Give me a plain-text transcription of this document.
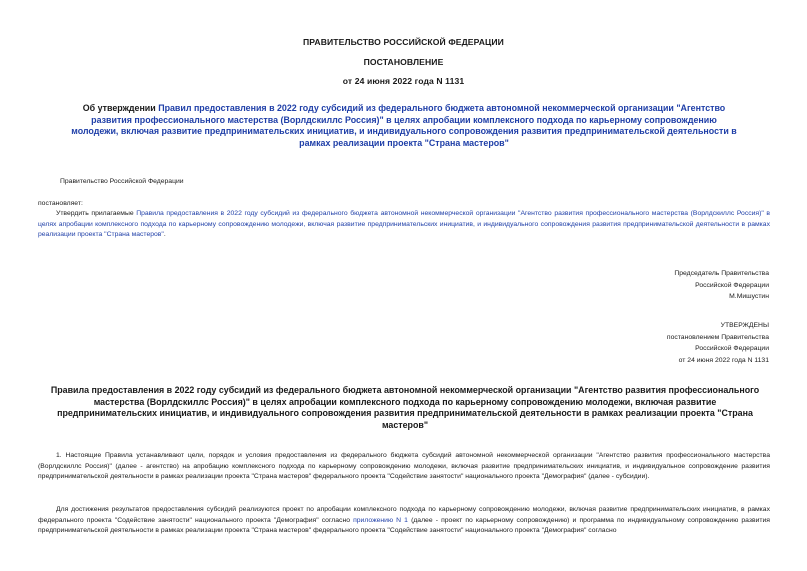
ПРАВИТЕЛЬСТВО РОССИЙСКОЙ ФЕДЕРАЦИИ
ПОСТАНОВЛЕНИЕ
от 24 июня 2022 года N 1131
Об утверждении Правил предоставления в 2022 году субсидий из федерального бюджета автономной некоммерческой организации "Агентство развития профессионального мастерства (Ворлдскиллс Россия)" в целях апробации комплексного подхода по карьерному сопровождению молодежи, включая развитие предпринимательских инициатив, и индивидуального сопровождения развития предпринимательской деятельности в рамках реализации проекта "Страна мастеров"
Правительство Российской Федерации
постановляет:
Утвердить прилагаемые Правила предоставления в 2022 году субсидий из федерального бюджета автономной некоммерческой организации "Агентство развития профессионального мастерства (Ворлдскиллс Россия)" в целях апробации комплексного подхода по карьерному сопровождению молодежи, включая развитие предпринимательских инициатив, и индивидуального сопровождения развития предпринимательской деятельности в рамках реализации проекта "Страна мастеров".
Председатель Правительства
Российской Федерации
М.Мишустин
УТВЕРЖДЕНЫ
постановлением Правительства
Российской Федерации
от 24 июня 2022 года N 1131
Правила предоставления в 2022 году субсидий из федерального бюджета автономной некоммерческой организации "Агентство развития профессионального мастерства (Ворлдскиллс Россия)" в целях апробации комплексного подхода по карьерному сопровождению молодежи, включая развитие предпринимательских инициатив, и индивидуального сопровождения развития предпринимательской деятельности в рамках реализации проекта "Страна мастеров"
1. Настоящие Правила устанавливают цели, порядок и условия предоставления из федерального бюджета субсидий автономной некоммерческой организации "Агентство развития профессионального мастерства (Ворлдскиллс Россия)" (далее - агентство) на апробацию комплексного подхода по карьерному сопровождению молодежи, включая развитие предпринимательских инициатив, и индивидуальное сопровождение развития предпринимательской деятельности в рамках реализации проекта "Страна мастеров" федерального проекта "Содействие занятости" национального проекта "Демография" (далее - субсидии).
Для достижения результатов предоставления субсидий реализуются проект по апробации комплексного подхода по карьерному сопровождению молодежи, включая развитие предпринимательских инициатив, в рамках федерального проекта "Содействие занятости" национального проекта "Демография" согласно приложению N 1 (далее - проект по карьерному сопровождению) и программа по индивидуальному сопровождению развития предпринимательской деятельности в рамках реализации проекта "Страна мастеров" федерального проекта "Содействие занятости" национального проекта "Демография" согласно
